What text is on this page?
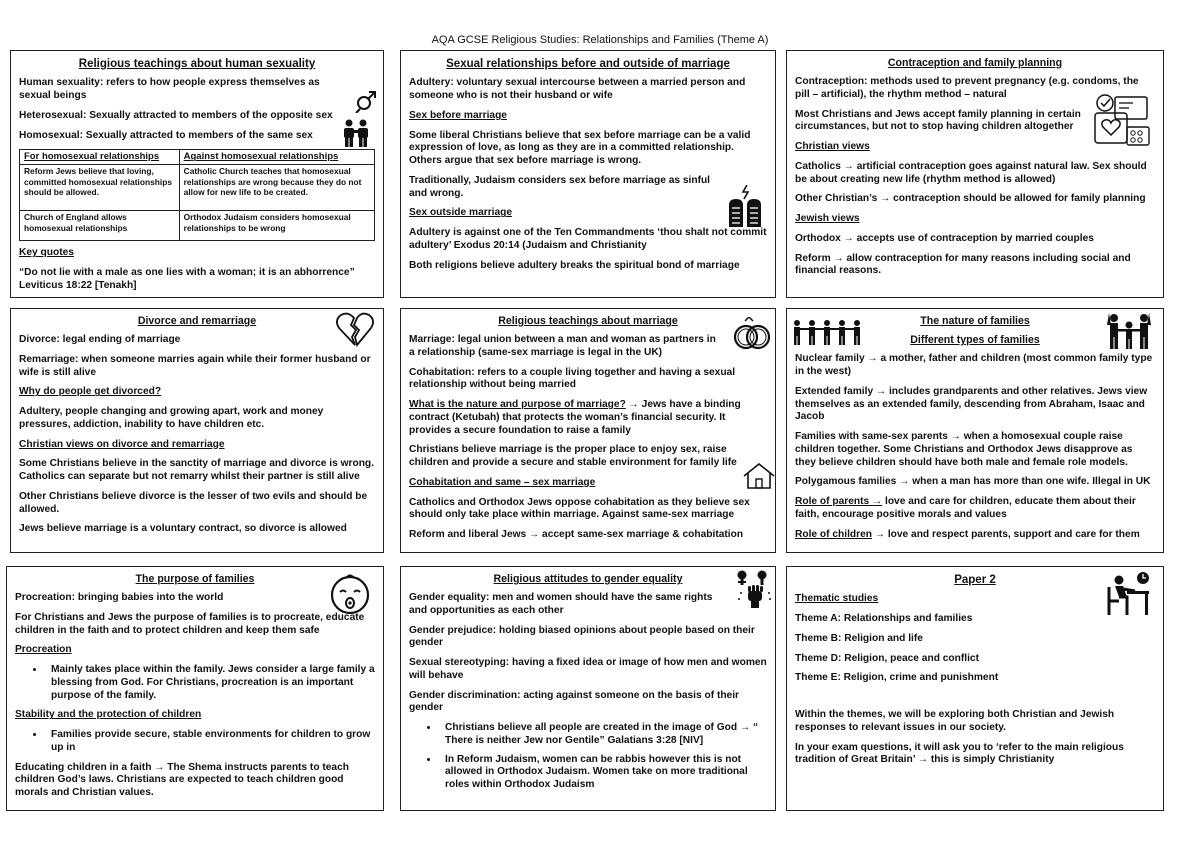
AQA GCSE Religious Studies: Relationships and Families (Theme A)
Religious teachings about human sexuality

Human sexuality: refers to how people express themselves as sexual beings

Heterosexual: Sexually attracted to members of the opposite sex

Homosexual: Sexually attracted to members of the same sex

For homosexual relationships	Against homosexual relationships
Reform Jews believe that loving, committed homosexual relationships should be allowed.	Catholic Church teaches that homosexual relationships are wrong because they do not allow for new life to be created.
Church of England allows homosexual relationships	Orthodox Judaism considers homosexual relationships to be wrong

Key quotes

“Do not lie with a male as one lies with a woman; it is an abhorrence” Leviticus 18:22 [Tenakh]

Sexual relationships before and outside of marriage

Adultery: voluntary sexual intercourse between a married person and someone who is not their husband or wife

Sex before marriage

Some liberal Christians believe that sex before marriage can be a valid expression of love, as long as they are in a committed relationship. Others argue that sex before marriage is wrong.

Traditionally, Judaism considers sex before marriage as sinful and wrong.

Sex outside marriage

Adultery is against one of the Ten Commandments ‘thou shalt not commit adultery’ Exodus 20:14 (Judaism and Christianity

Both religions believe adultery breaks the spiritual bond of marriage

Contraception and family planning

Contraception: methods used to prevent pregnancy (e.g. condoms, the pill – artificial), the rhythm method – natural

Most Christians and Jews accept family planning in certain circumstances, but not to stop having children altogether

Christian views

Catholics → artificial contraception goes against natural law. Sex should be about creating new life (rhythm method is allowed)

Other Christian’s → contraception should be allowed for family planning

Jewish views

Orthodox → accepts use of contraception by married couples

Reform → allow contraception for many reasons including social and financial reasons.

Divorce and remarriage

Divorce: legal ending of marriage

Remarriage: when someone marries again while their former husband or wife is still alive

Why do people get divorced?

Adultery, people changing and growing apart, work and money pressures, addiction, inability to have children etc.

Christian views on divorce and remarriage

Some Christians believe in the sanctity of marriage and divorce is wrong. Catholics can separate but not remarry whilst their partner is still alive

Other Christians believe divorce is the lesser of two evils and should be allowed.

Jews believe marriage is a voluntary contract, so divorce is allowed

Religious teachings about marriage

Marriage: legal union between a man and woman as partners in a relationship (same-sex marriage is legal in the UK)

Cohabitation: refers to a couple living together and having a sexual relationship without being married

What is the nature and purpose of marriage? → Jews have a binding contract (Ketubah) that protects the woman’s financial security. It provides a secure foundation to raise a family

Christians believe marriage is the proper place to enjoy sex, raise children and provide a secure and stable environment for family life

Cohabitation and same – sex marriage

Catholics and Orthodox Jews oppose cohabitation as they believe sex should only take place within marriage. Against same-sex marriage

Reform and liberal Jews → accept same-sex marriage & cohabitation

The nature of families
Different types of families

Nuclear family → a mother, father and children (most common family type in the west)

Extended family → includes grandparents and other relatives. Jews view themselves as an extended family, descending from Abraham, Isaac and Jacob

Families with same-sex parents → when a homosexual couple raise children together. Some Christians and Orthodox Jews disapprove as they believe children should have both male and female role models.

Polygamous families → when a man has more than one wife. Illegal in UK

Role of parents → love and care for children, educate them about their faith, encourage positive morals and values

Role of children → love and respect parents, support and care for them

The purpose of families

Procreation: bringing babies into the world

For Christians and Jews the purpose of families is to procreate, educate children in the faith and to protect children and keep them safe

Procreation

• Mainly takes place within the family. Jews consider a large family a blessing from God. For Christians, procreation is an important purpose of the family.

Stability and the protection of children

• Families provide secure, stable environments for children to grow up in

Educating children in a faith → The Shema instructs parents to teach children God’s laws. Christians are expected to teach children good morals and Christian values.

Religious attitudes to gender equality

Gender equality: men and women should have the same rights and opportunities as each other

Gender prejudice: holding biased opinions about people based on their gender

Sexual stereotyping: having a fixed idea or image of how men and women will behave

Gender discrimination: acting against someone on the basis of their gender

• Christians believe all people are created in the image of God → “ There is neither Jew nor Gentile” Galatians 3:28 [NIV]
• In Reform Judaism, women can be rabbis however this is not allowed in Orthodox Judaism. Women take on more traditional roles within Orthodox Judaism
Paper 2

Thematic studies

Theme A: Relationships and families

Theme B: Religion and life

Theme D: Religion, peace and conflict

Theme E: Religion, crime and punishment

Within the themes, we will be exploring both Christian and Jewish responses to relevant issues in our society.

In your exam questions, it will ask you to ‘refer to the main religious tradition of Great Britain’ → this is simply Christianity
